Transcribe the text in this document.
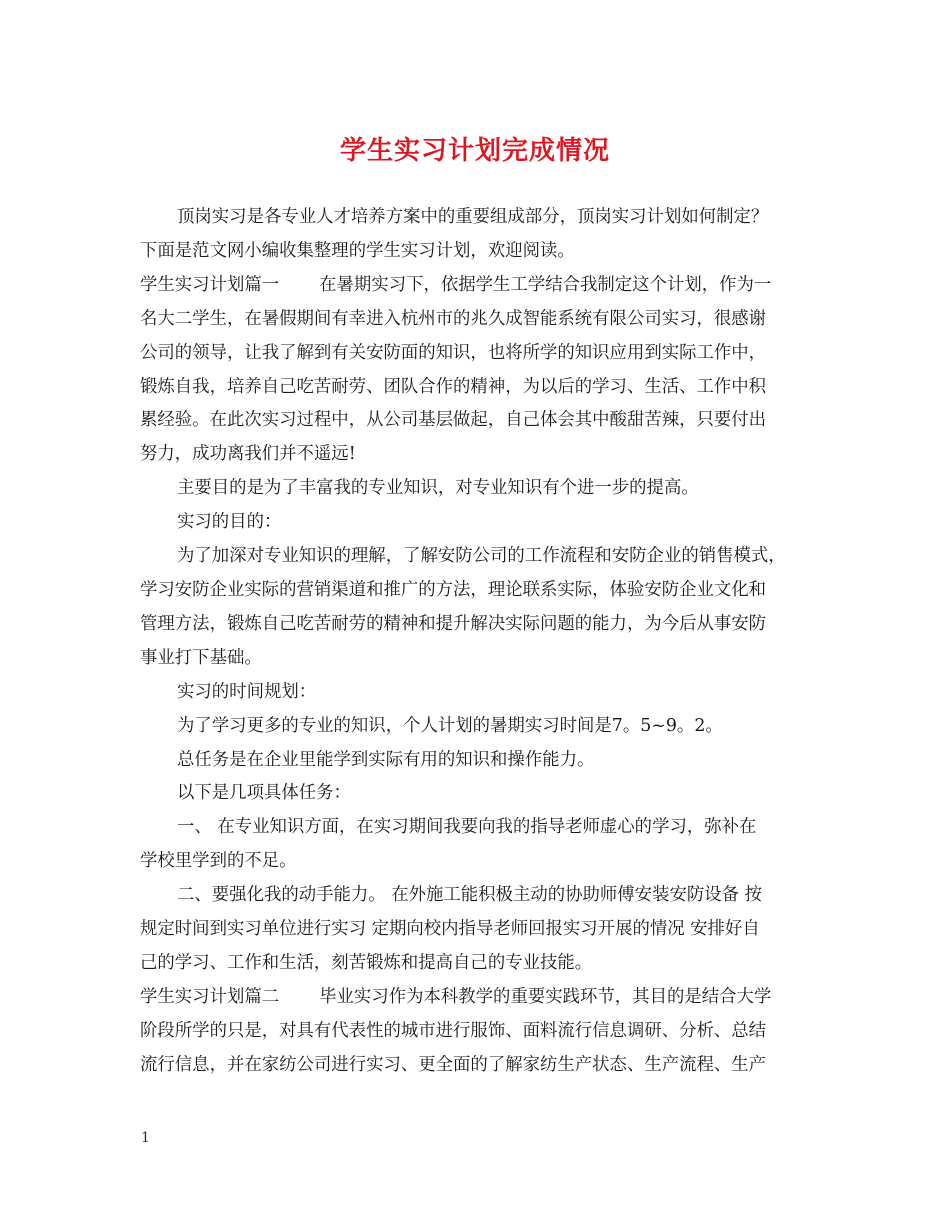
学生实习计划完成情况

顶岗实习是各专业人才培养方案中的重要组成部分，顶岗实习计划如何制定？

下面是范文网小编收集整理的学生实习计划，欢迎阅读。

学生实习计划篇一 在暑期实习下，依据学生工学结合我制定这个计划，作为一

名大二学生，在暑假期间有幸进入杭州市的兆久成智能系统有限公司实习，很感谢

公司的领导，让我了解到有关安防面的知识，也将所学的知识应用到实际工作中，

锻炼自我，培养自己吃苦耐劳、团队合作的精神，为以后的学习、生活、工作中积

累经验。在此次实习过程中，从公司基层做起，自己体会其中酸甜苦辣，只要付出

努力，成功离我们并不遥远!

主要目的是为了丰富我的专业知识，对专业知识有个进一步的提高。

实习的目的：

为了加深对专业知识的理解，了解安防公司的工作流程和安防企业的销售模式，

学习安防企业实际的营销渠道和推广的方法，理论联系实际，体验安防企业文化和

管理方法，锻炼自己吃苦耐劳的精神和提升解决实际问题的能力，为今后从事安防

事业打下基础。

实习的时间规划：

为了学习更多的专业的知识，个人计划的暑期实习时间是7。5~9。2。

总任务是在企业里能学到实际有用的知识和操作能力。

以下是几项具体任务：

一、 在专业知识方面，在实习期间我要向我的指导老师虚心的学习，弥补在

学校里学到的不足。

二、要强化我的动手能力。 在外施工能积极主动的协助师傅安装安防设备 按

规定时间到实习单位进行实习 定期向校内指导老师回报实习开展的情况 安排好自

己的学习、工作和生活，刻苦锻炼和提高自己的专业技能。

学生实习计划篇二 毕业实习作为本科教学的重要实践环节，其目的是结合大学

阶段所学的只是，对具有代表性的城市进行服饰、面料流行信息调研、分析、总结

流行信息，并在家纺公司进行实习、更全面的了解家纺生产状态、生产流程、生产

1
